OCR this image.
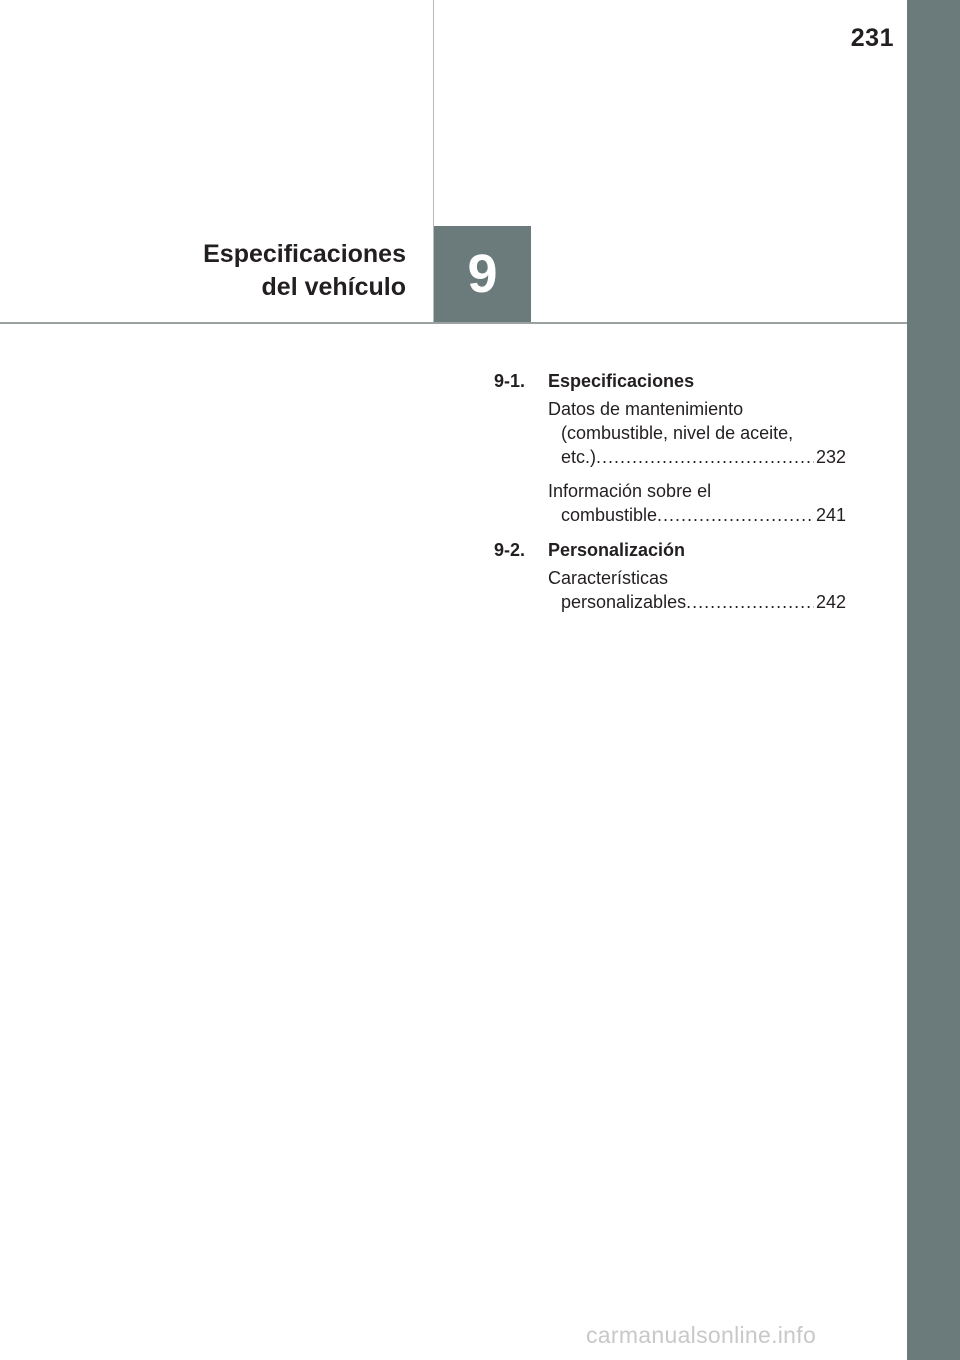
231
Especificaciones
del vehículo 9
9-1.	Especificaciones
Datos de mantenimiento
(combustible, nivel de aceite,
etc.) .....	232
Información sobre el
combustible .....	241
9-2.	Personalización
Características
personalizables .....	242
carmanualsonline.info
